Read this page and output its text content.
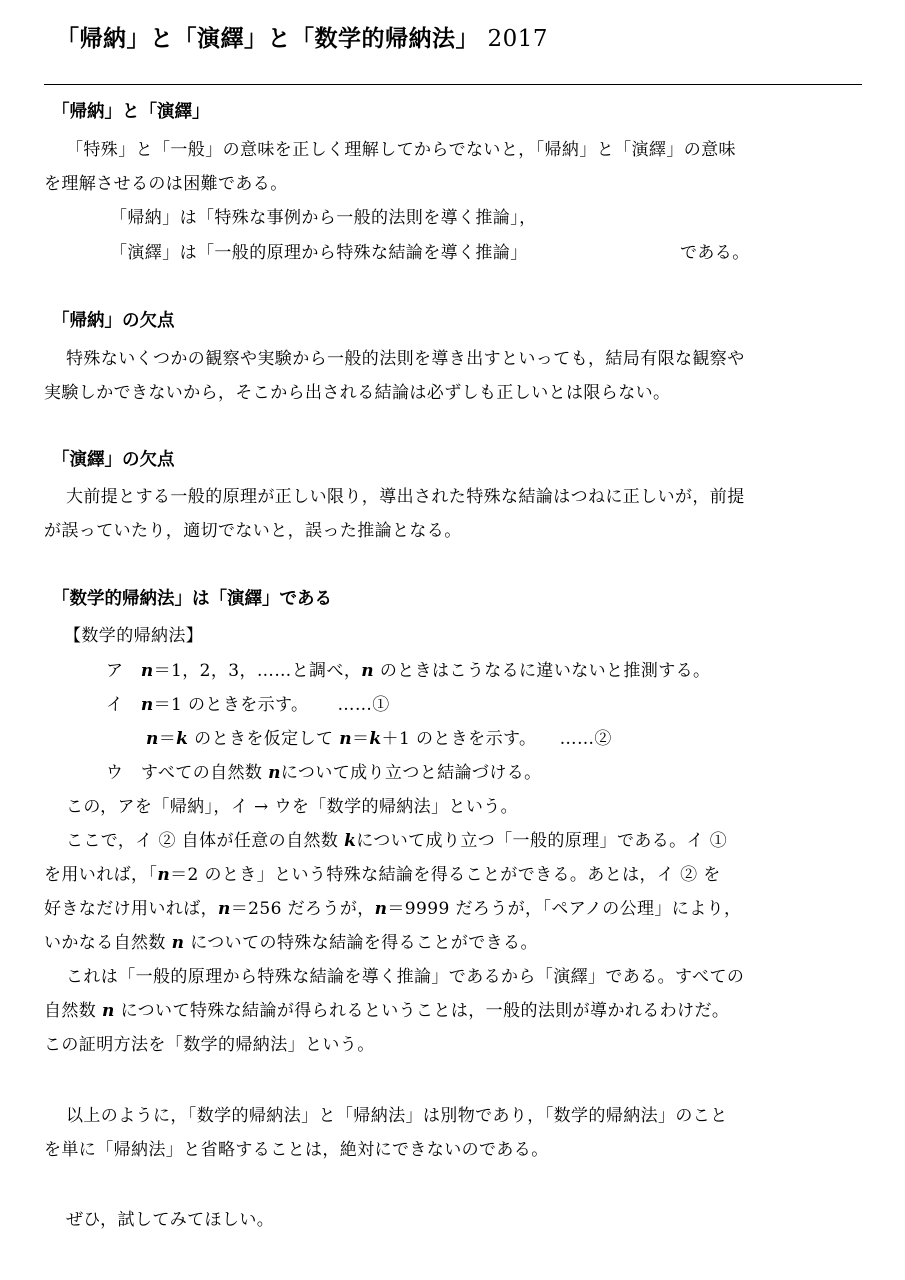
「帰納」と「演繹」と「数学的帰納法」 2017
「帰納」と「演繹」
「特殊」と「一般」の意味を正しく理解してからでないと，「帰納」と「演繹」の意味
を理解させるのは困難である。
「帰納」は「特殊な事例から一般的法則を導く推論」，
「演繹」は「一般的原理から特殊な結論を導く推論」	である。
「帰納」の欠点
特殊ないくつかの観察や実験から一般的法則を導き出すといっても，結局有限な観察や
実験しかできないから，そこから出される結論は必ずしも正しいとは限らない。
「演繹」の欠点
大前提とする一般的原理が正しい限り，導出された特殊な結論はつねに正しいが，前提
が誤っていたり，適切でないと，誤った推論となる。
「数学的帰納法」は「演繹」である
【数学的帰納法】
ア n＝1，2，3，……と調べ，n のときはこうなるに違いないと推測する。
イ n＝1 のときを示す。 ……①
n＝k のときを仮定して n＝k＋1 のときを示す。 ……②
ウ すべての自然数 nについて成り立つと結論づける。
この，アを「帰納」，イ → ウを「数学的帰納法」という。
ここで，イ ② 自体が任意の自然数 kについて成り立つ「一般的原理」である。イ ①
を用いれば，「n＝2 のとき」という特殊な結論を得ることができる。あとは，イ ② を
好きなだけ用いれば，n＝256 だろうが，n＝9999 だろうが，「ペアノの公理」により，
いかなる自然数 n についての特殊な結論を得ることができる。
これは「一般的原理から特殊な結論を導く推論」であるから「演繹」である。すべての
自然数 n について特殊な結論が得られるということは，一般的法則が導かれるわけだ。
この証明方法を「数学的帰納法」という。
以上のように，「数学的帰納法」と「帰納法」は別物であり，「数学的帰納法」のこと
を単に「帰納法」と省略することは，絶対にできないのである。
ぜひ，試してみてほしい。
